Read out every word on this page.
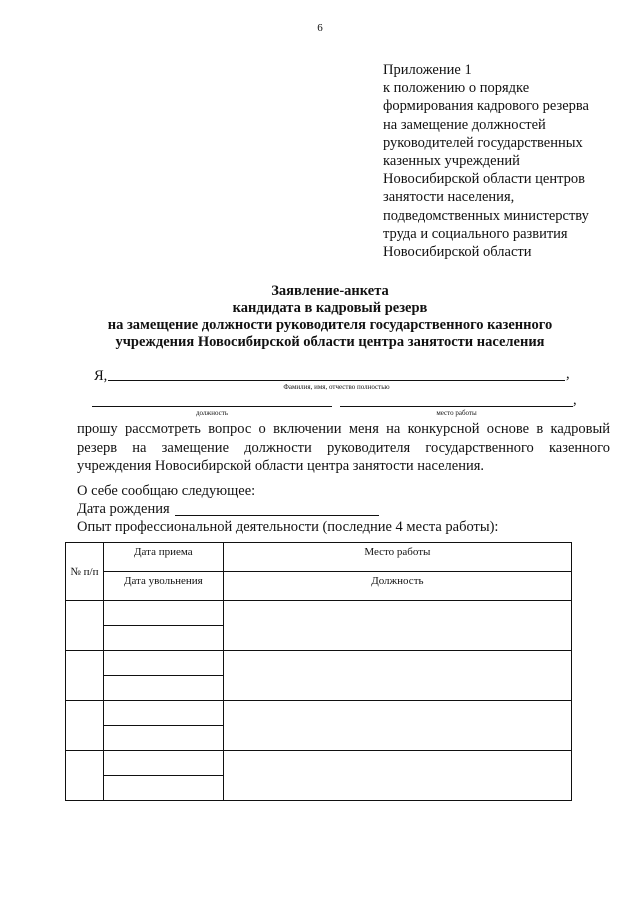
6
Приложение 1
к положению о порядке
формирования кадрового резерва
на замещение должностей
руководителей государственных
казенных учреждений
Новосибирской области центров
занятости населения,
подведомственных министерству
труда и социального развития
Новосибирской области
Заявление-анкета
кандидата в кадровый резерв
на замещение должности руководителя государственного казенного
учреждения Новосибирской области центра занятости населения
Я,	,
Фамилия, имя, отчество полностью
,
должность	место работы
прошу рассмотреть вопрос о включении меня на конкурсной основе в кадровый
резерв на замещение должности руководителя государственного казенного
учреждения Новосибирской области центра занятости населения.
О себе сообщаю следующее:
Дата рождения
Опыт профессиональной деятельности (последние 4 места работы):
№ п/п	Дата приема	Место работы
	Дата увольнения	Должность
